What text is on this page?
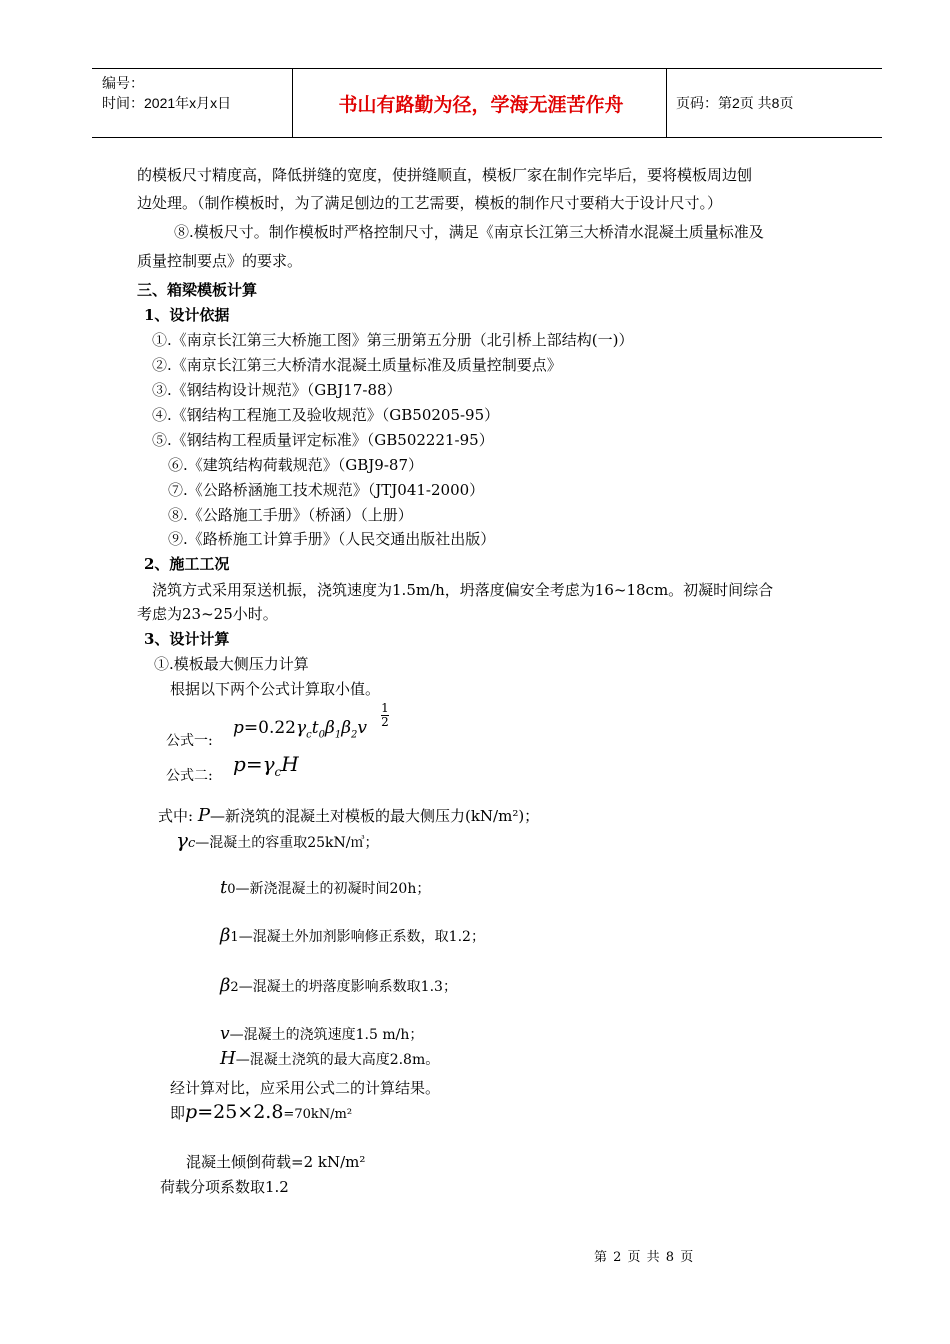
编号：
时间：2021年x月x日	书山有路勤为径，学海无涯苦作舟	页码：第2页 共8页
的模板尺寸精度高，降低拼缝的宽度，使拼缝顺直，模板厂家在制作完毕后，要将模板周边刨
边处理。（制作模板时，为了满足刨边的工艺需要，模板的制作尺寸要稍大于设计尺寸。）
⑧.模板尺寸。制作模板时严格控制尺寸，满足《南京长江第三大桥清水混凝土质量标准及
质量控制要点》的要求。
三、箱梁模板计算
1、设计依据
①.《南京长江第三大桥施工图》第三册第五分册（北引桥上部结构(一)）
②.《南京长江第三大桥清水混凝土质量标准及质量控制要点》
③.《钢结构设计规范》（GBJ17-88）
④.《钢结构工程施工及验收规范》（GB50205-95）
⑤.《钢结构工程质量评定标准》（GB502221-95）
⑥.《建筑结构荷载规范》（GBJ9-87）
⑦.《公路桥涵施工技术规范》（JTJ041-2000）
⑧.《公路施工手册》（桥涵）（上册）
⑨.《路桥施工计算手册》（人民交通出版社出版）
2、施工工况
浇筑方式采用泵送机振，浇筑速度为1.5m/h，坍落度偏安全考虑为16~18cm。初凝时间综合
考虑为23~25小时。
3、设计计算
①.模板最大侧压力计算
根据以下两个公式计算取小值。
公式一:
$p=0.22\gamma_ct_0\beta_1\beta_2v$
1

2
公式二: $p=\gamma_cH$
式中: P—新浇筑的混凝土对模板的最大侧压力(kN/m²)；
γc—混凝土的容重取25kN/㎥；
t0—新浇混凝土的初凝时间20h；
β1—混凝土外加剂影响修正系数，取1.2；
β2—混凝土的坍落度影响系数取1.3；
v—混凝土的浇筑速度1.5 m/h；
H—混凝土浇筑的最大高度2.8m。
经计算对比，应采用公式二的计算结果。
即p=25×2.8=70kN/m²
混凝土倾倒荷载=2 kN/m²
荷载分项系数取1.2
第 2 页 共 8 页
